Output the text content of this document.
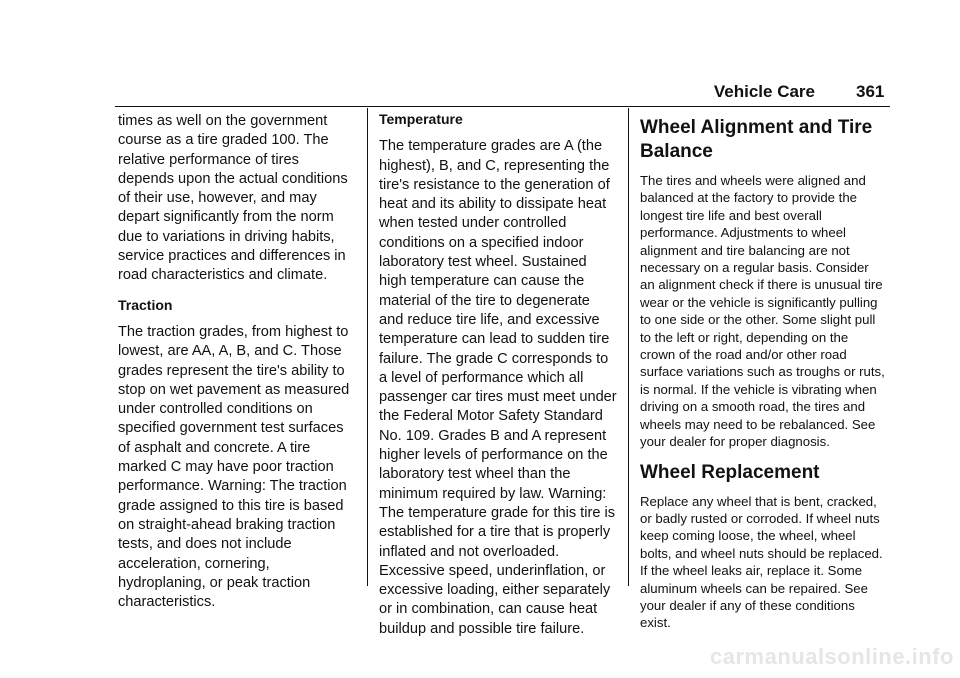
Vehicle Care 361

times as well on the government course as a tire graded 100. The relative performance of tires depends upon the actual conditions of their use, however, and may depart significantly from the norm due to variations in driving habits, service practices and differences in road characteristics and climate.

Traction

The traction grades, from highest to lowest, are AA, A, B, and C. Those grades represent the tire's ability to stop on wet pavement as measured under controlled conditions on specified government test surfaces of asphalt and concrete. A tire marked C may have poor traction performance. Warning: The traction grade assigned to this tire is based on straight-ahead braking traction tests, and does not include acceleration, cornering, hydroplaning, or peak traction characteristics.

Temperature

The temperature grades are A (the highest), B, and C, representing the tire's resistance to the generation of heat and its ability to dissipate heat when tested under controlled conditions on a specified indoor laboratory test wheel. Sustained high temperature can cause the material of the tire to degenerate and reduce tire life, and excessive temperature can lead to sudden tire failure. The grade C corresponds to a level of performance which all passenger car tires must meet under the Federal Motor Safety Standard No. 109. Grades B and A represent higher levels of performance on the laboratory test wheel than the minimum required by law. Warning: The temperature grade for this tire is established for a tire that is properly inflated and not overloaded. Excessive speed, underinflation, or excessive loading, either separately or in combination, can cause heat buildup and possible tire failure.

Wheel Alignment and Tire Balance

The tires and wheels were aligned and balanced at the factory to provide the longest tire life and best overall performance. Adjustments to wheel alignment and tire balancing are not necessary on a regular basis. Consider an alignment check if there is unusual tire wear or the vehicle is significantly pulling to one side or the other. Some slight pull to the left or right, depending on the crown of the road and/or other road surface variations such as troughs or ruts, is normal. If the vehicle is vibrating when driving on a smooth road, the tires and wheels may need to be rebalanced. See your dealer for proper diagnosis.

Wheel Replacement

Replace any wheel that is bent, cracked, or badly rusted or corroded. If wheel nuts keep coming loose, the wheel, wheel bolts, and wheel nuts should be replaced. If the wheel leaks air, replace it. Some aluminum wheels can be repaired. See your dealer if any of these conditions exist.

carmanualsonline.info
